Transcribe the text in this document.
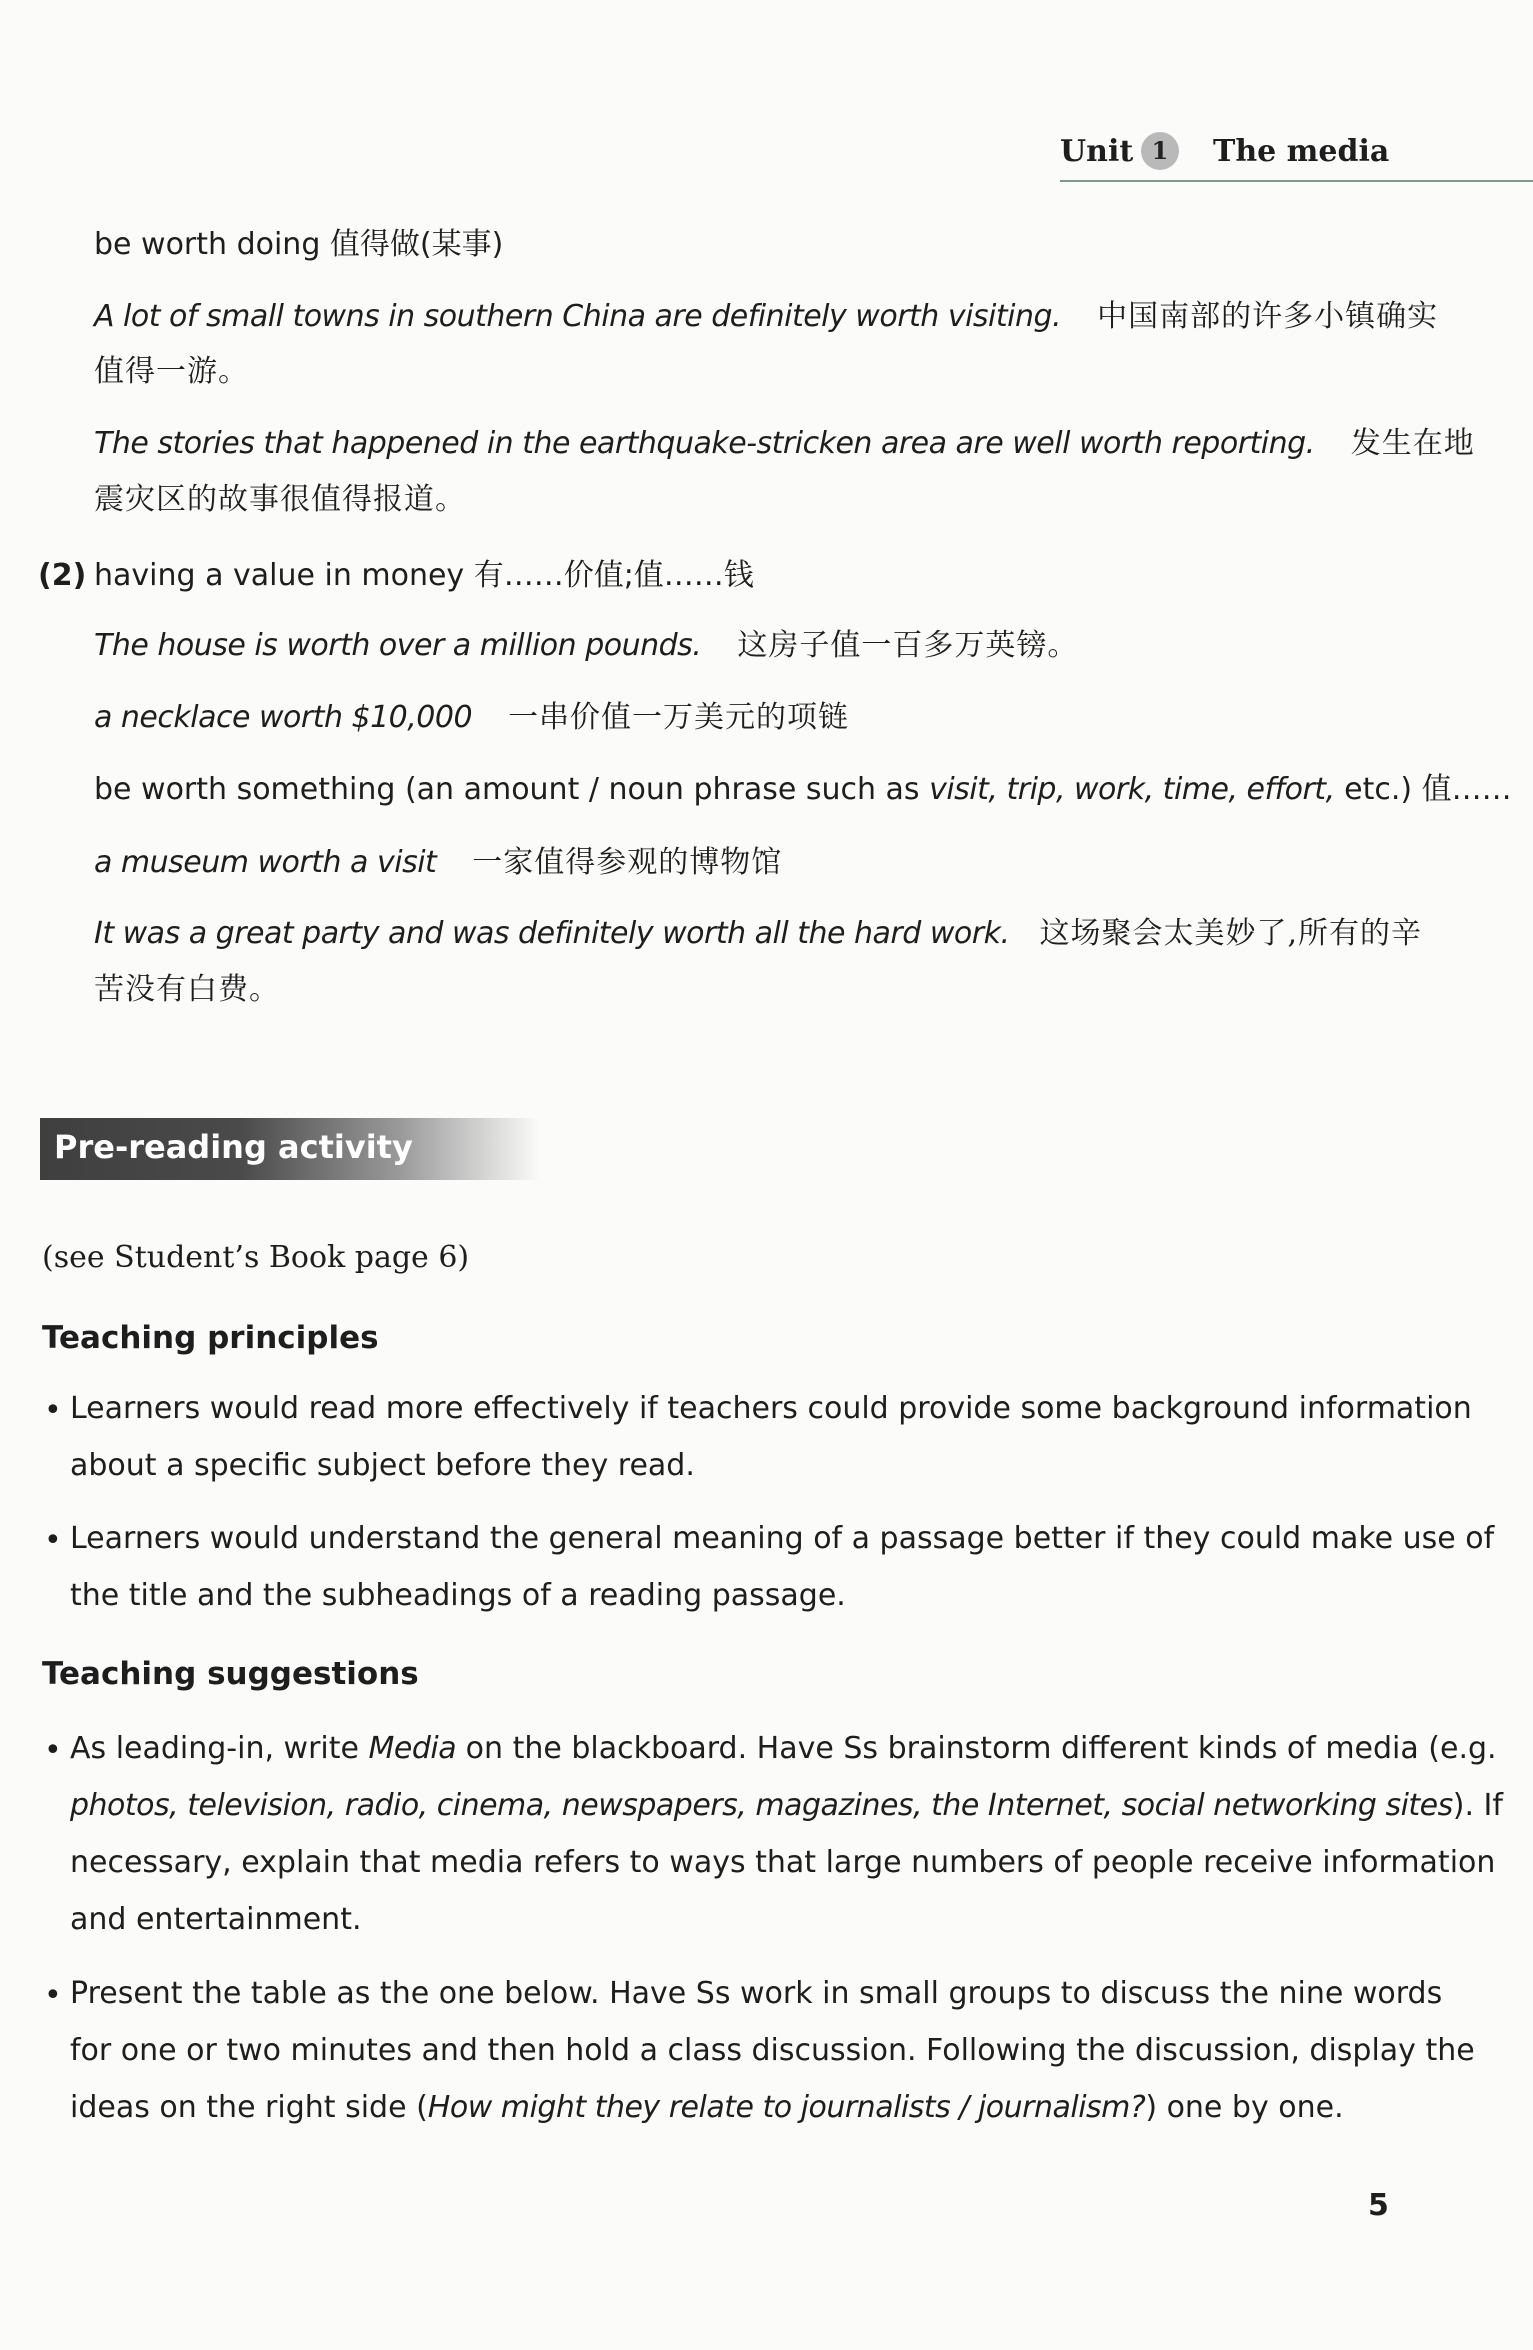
Unit 1	The media
be worth doing 值得做(某事)
A lot of small towns in southern China are definitely worth visiting. 中国南部的许多小镇确实
值得一游。
The stories that happened in the earthquake-stricken area are well worth reporting. 发生在地
震灾区的故事很值得报道。
(2) having a value in money 有……价值;值……钱
The house is worth over a million pounds. 这房子值一百多万英镑。
a necklace worth $10,000 一串价值一万美元的项链
be worth something (an amount / noun phrase such as visit, trip, work, time, effort, etc.) 值……
a museum worth a visit 一家值得参观的博物馆
It was a great party and was definitely worth all the hard work. 这场聚会太美妙了,所有的辛
苦没有白费。
Pre-reading activity
(see Student’s Book page 6)
Teaching principles
• Learners would read more effectively if teachers could provide some background information
about a specific subject before they read.
• Learners would understand the general meaning of a passage better if they could make use of
the title and the subheadings of a reading passage.
Teaching suggestions
• As leading-in, write Media on the blackboard. Have Ss brainstorm different kinds of media (e.g.
photos, television, radio, cinema, newspapers, magazines, the Internet, social networking sites). If
necessary, explain that media refers to ways that large numbers of people receive information
and entertainment.
• Present the table as the one below. Have Ss work in small groups to discuss the nine words
for one or two minutes and then hold a class discussion. Following the discussion, display the
ideas on the right side (How might they relate to journalists / journalism?) one by one.
5
